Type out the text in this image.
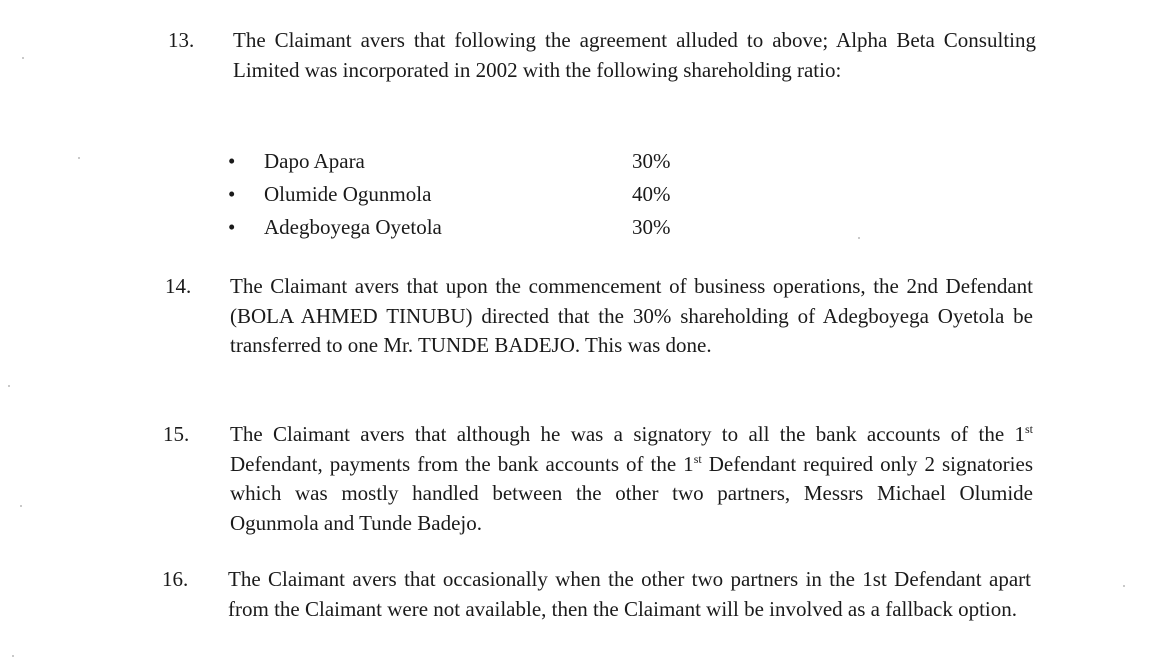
13. The Claimant avers that following the agreement alluded to above; Alpha Beta Consulting Limited was incorporated in 2002 with the following shareholding ratio:
• Dapo Apara	30%
• Olumide Ogunmola	40%
• Adegboyega Oyetola	30%
14. The Claimant avers that upon the commencement of business operations, the 2nd Defendant (BOLA AHMED TINUBU) directed that the 30% shareholding of Adegboyega Oyetola be transferred to one Mr. TUNDE BADEJO. This was done.
15. The Claimant avers that although he was a signatory to all the bank accounts of the 1st Defendant, payments from the bank accounts of the 1st Defendant required only 2 signatories which was mostly handled between the other two partners, Messrs Michael Olumide Ogunmola and Tunde Badejo.
16. The Claimant avers that occasionally when the other two partners in the 1st Defendant apart from the Claimant were not available, then the Claimant will be involved as a fallback option.
